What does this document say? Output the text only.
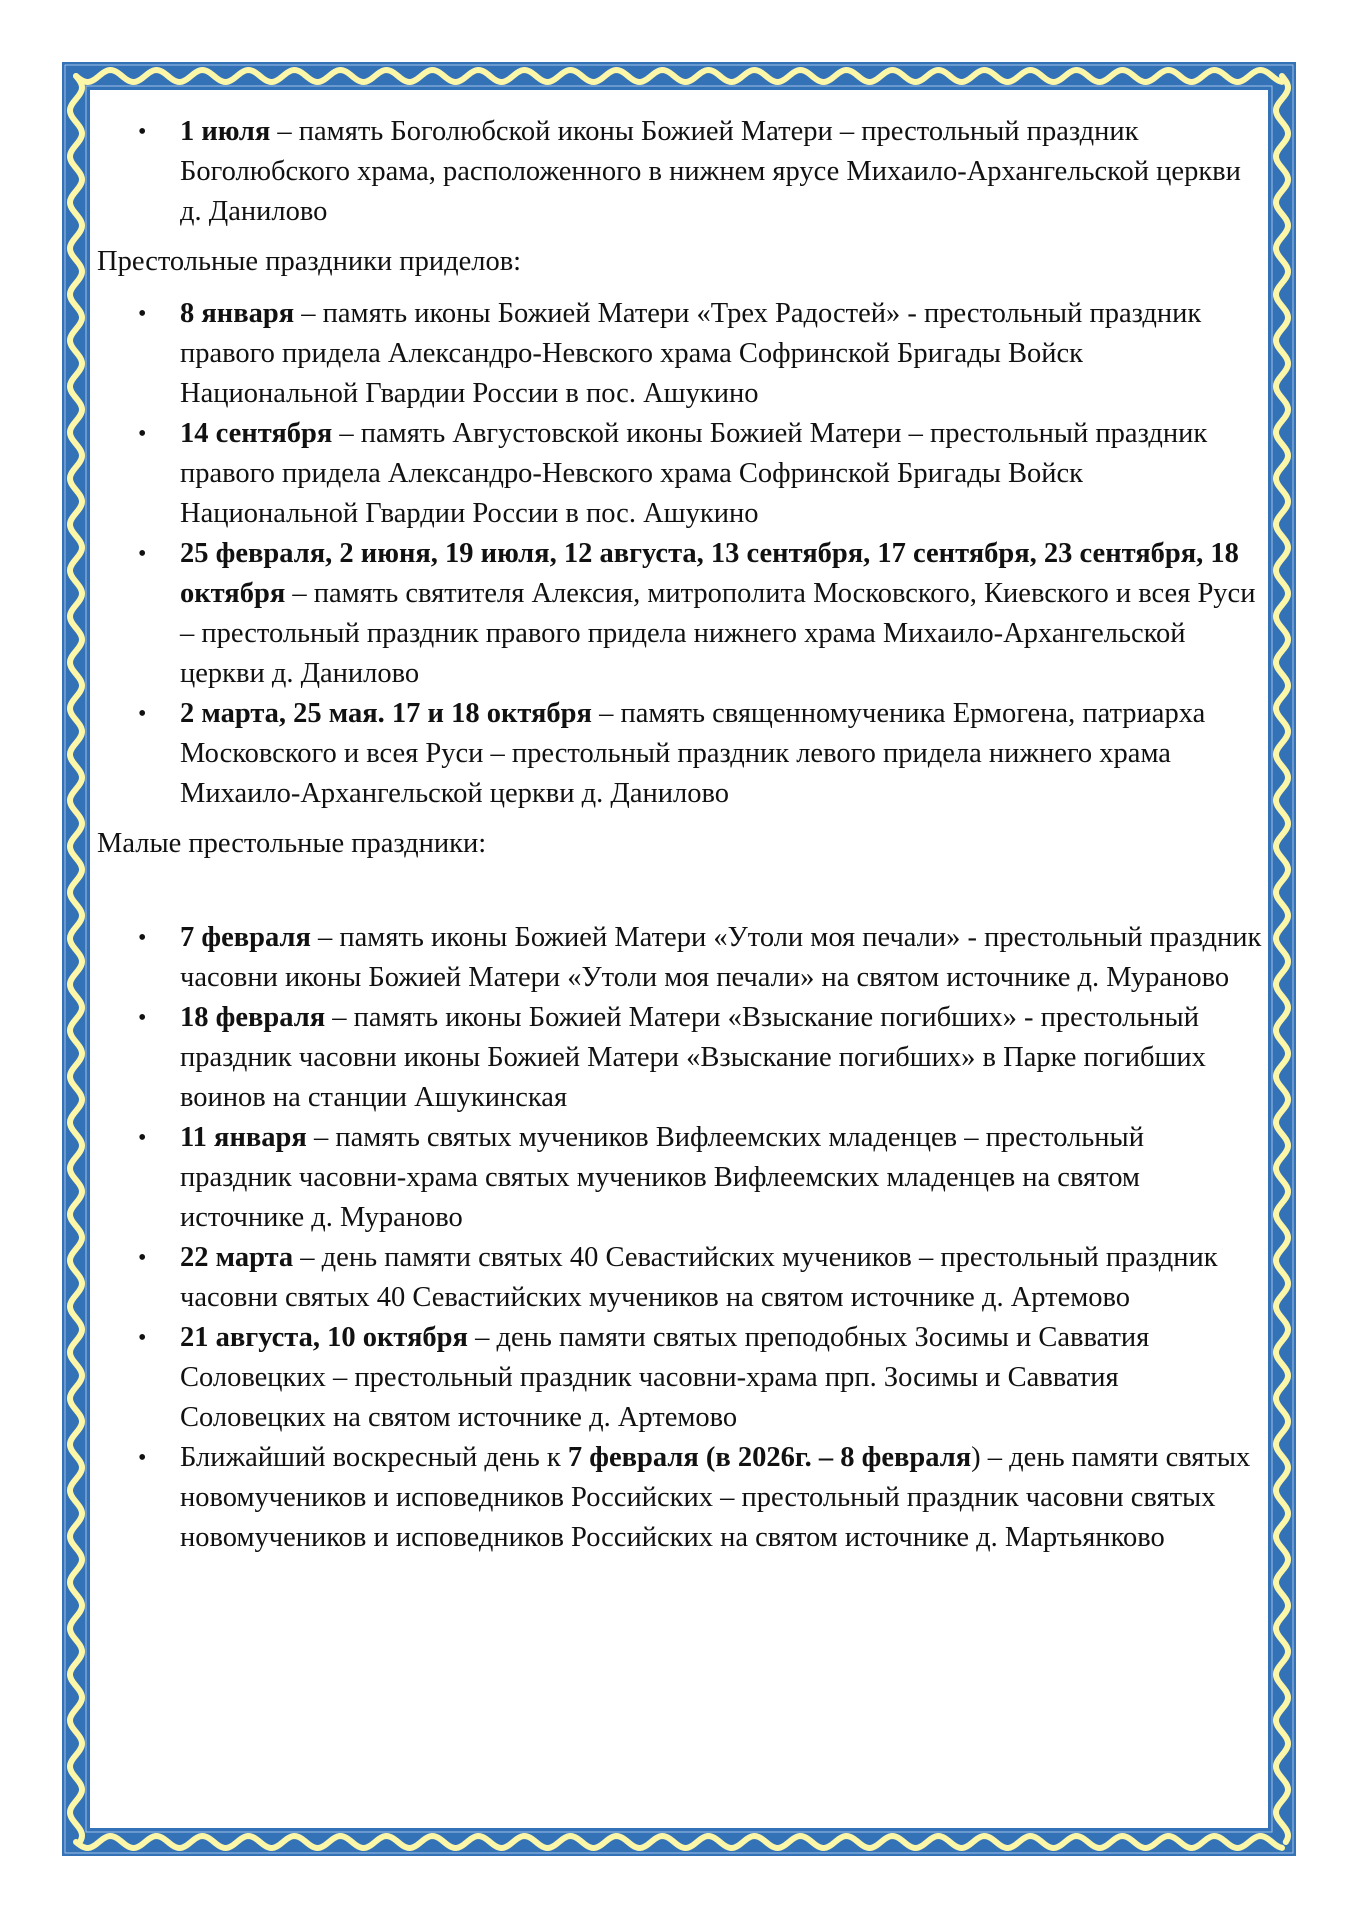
• 1 июля – память Боголюбской иконы Божией Матери – престольный праздник Боголюбского храма, расположенного в нижнем ярусе Михаило-Архангельской церкви д. Данилово

Престольные праздники приделов:

• 8 января – память иконы Божией Матери «Трех Радостей» - престольный праздник правого придела Александро-Невского храма Софринской Бригады Войск Национальной Гвардии России в пос. Ашукино
• 14 сентября – память Августовской иконы Божией Матери – престольный праздник правого придела Александро-Невского храма Софринской Бригады Войск Национальной Гвардии России в пос. Ашукино
• 25 февраля, 2 июня, 19 июля, 12 августа, 13 сентября, 17 сентября, 23 сентября, 18 октября – память святителя Алексия, митрополита Московского, Киевского и всея Руси – престольный праздник правого придела нижнего храма Михаило-Архангельской церкви д. Данилово
• 2 марта, 25 мая. 17 и 18 октября – память священномученика Ермогена, патриарха Московского и всея Руси – престольный праздник левого придела нижнего храма Михаило-Архангельской церкви д. Данилово

Малые престольные праздники:

• 7 февраля – память иконы Божией Матери «Утоли моя печали» - престольный праздник часовни иконы Божией Матери «Утоли моя печали» на святом источнике д. Мураново
• 18 февраля – память иконы Божией Матери «Взыскание погибших» - престольный праздник часовни иконы Божией Матери «Взыскание погибших» в Парке погибших воинов на станции Ашукинская
• 11 января – память святых мучеников Вифлеемских младенцев – престольный праздник часовни-храма святых мучеников Вифлеемских младенцев на святом источнике д. Мураново
• 22 марта – день памяти святых 40 Севастийских мучеников – престольный праздник часовни святых 40 Севастийских мучеников на святом источнике д. Артемово
• 21 августа, 10 октября – день памяти святых преподобных Зосимы и Савватия Соловецких – престольный праздник часовни-храма прп. Зосимы и Савватия Соловецких на святом источнике д. Артемово
• Ближайший воскресный день к 7 февраля (в 2026г. – 8 февраля) – день памяти святых новомучеников и исповедников Российских – престольный праздник часовни святых новомучеников и исповедников Российских на святом источнике д. Мартьянково
